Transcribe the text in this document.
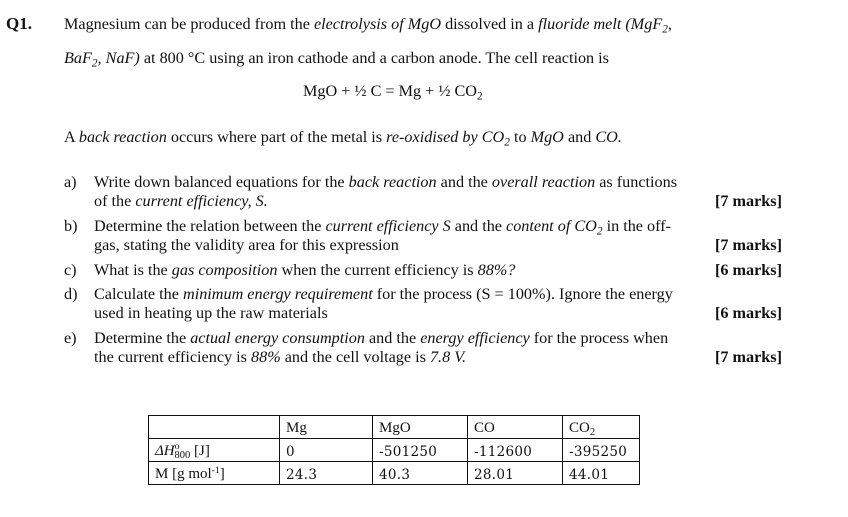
Q1. Magnesium can be produced from the electrolysis of MgO dissolved in a fluoride melt (MgF$_2$,
BaF$_2$, NaF) at 800 °C using an iron cathode and a carbon anode. The cell reaction is
MgO + ½ C = Mg + ½ $CO_2$
A back reaction occurs where part of the metal is re-oxidised by $CO_2$ to MgO and CO.
a) Write down balanced equations for the back reaction and the overall reaction as functions
of the current efficiency, S.	[7 marks]
b) Determine the relation between the current efficiency S and the content of $CO_2$ in the off-
gas, stating the validity area for this expression	[7 marks]
c) What is the gas composition when the current efficiency is 88%?	[6 marks]
d) Calculate the minimum energy requirement for the process (S = 100%). Ignore the energy
used in heating up the raw materials	[6 marks]
e) Determine the actual energy consumption and the energy efficiency for the process when
the current efficiency is 88% and the cell voltage is 7.8 V.	[7 marks]
	Mg	MgO	CO	$CO_2$
$\Delta H^o_{800}$ [J]	0	-501250	-112600	-395250
M [g mol$^{-1}$]	24.3	40.3	28.01	44.01
